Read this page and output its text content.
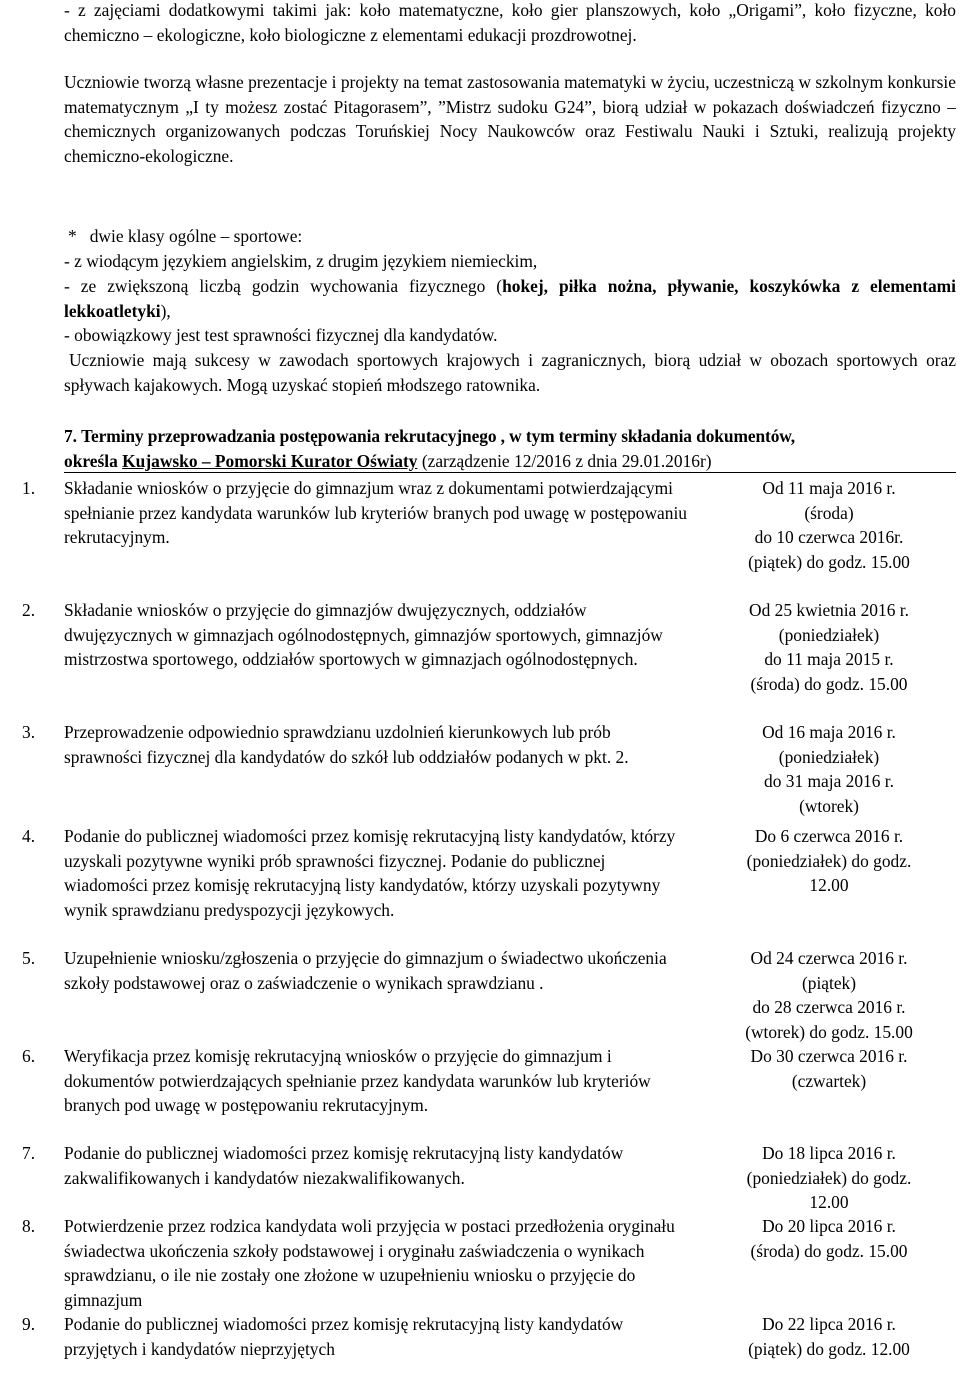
- z zajęciami dodatkowymi takimi jak: koło matematyczne, koło gier planszowych, koło „Origami”, koło fizyczne, koło chemiczno – ekologiczne, koło biologiczne z elementami edukacji prozdrowotnej.

Uczniowie tworzą własne prezentacje i projekty na temat zastosowania matematyki w życiu, uczestniczą w szkolnym konkursie matematycznym „I ty możesz zostać Pitagorasem”, ”Mistrz sudoku G24”, biorą udział w pokazach doświadczeń fizyczno – chemicznych organizowanych podczas Toruńskiej Nocy Naukowców oraz Festiwalu Nauki i Sztuki, realizują projekty chemiczno-ekologiczne.

*   dwie klasy ogólne – sportowe:

- z wiodącym językiem angielskim, z drugim językiem niemieckim,

- ze zwiększoną liczbą godzin wychowania fizycznego (hokej, piłka nożna, pływanie, koszykówka z elementami lekkoatletyki),

- obowiązkowy jest test sprawności fizycznej dla kandydatów.

Uczniowie mają sukcesy w zawodach sportowych krajowych i zagranicznych, biorą udział w obozach sportowych oraz spływach kajakowych. Mogą uzyskać stopień młodszego ratownika.

7. Terminy przeprowadzania postępowania rekrutacyjnego , w tym terminy składania dokumentów,

określa Kujawsko – Pomorski Kurator Oświaty (zarządzenie 12/2016 z dnia 29.01.2016r)

1.	Składanie wniosków o przyjęcie do gimnazjum wraz z dokumentami potwierdzającymi spełnianie przez kandydata warunków lub kryteriów branych pod uwagę w postępowaniu rekrutacyjnym.
Od 11 maja 2016 r.
(środa)
do 10 czerwca 2016r.
(piątek) do godz. 15.00
2.	Składanie wniosków o przyjęcie do gimnazjów dwujęzycznych, oddziałów dwujęzycznych w gimnazjach ogólnodostępnych, gimnazjów sportowych, gimnazjów mistrzostwa sportowego, oddziałów sportowych w gimnazjach ogólnodostępnych.
Od 25 kwietnia 2016 r.
(poniedziałek)
do 11 maja 2015 r.
(środa) do godz. 15.00
3.	Przeprowadzenie odpowiednio sprawdzianu uzdolnień kierunkowych lub prób sprawności fizycznej dla kandydatów do szkół lub oddziałów podanych w pkt. 2.
Od 16 maja 2016 r.
(poniedziałek)
do 31 maja 2016 r.
(wtorek)
4.	Podanie do publicznej wiadomości przez komisję rekrutacyjną listy kandydatów, którzy uzyskali pozytywne wyniki prób sprawności fizycznej. Podanie do publicznej wiadomości przez komisję rekrutacyjną listy kandydatów, którzy uzyskali pozytywny wynik sprawdzianu predyspozycji językowych.
Do 6 czerwca 2016 r.
(poniedziałek) do godz.
12.00
5.	Uzupełnienie wniosku/zgłoszenia o przyjęcie do gimnazjum o świadectwo ukończenia szkoły podstawowej oraz o zaświadczenie o wynikach sprawdzianu .
Od 24 czerwca 2016 r.
(piątek)
do 28 czerwca 2016 r.
(wtorek) do godz. 15.00
6.	Weryfikacja przez komisję rekrutacyjną wniosków o przyjęcie do gimnazjum i dokumentów potwierdzających spełnianie przez kandydata warunków lub kryteriów branych pod uwagę w postępowaniu rekrutacyjnym.
Do 30 czerwca 2016 r.
(czwartek)
7.	Podanie do publicznej wiadomości przez komisję rekrutacyjną listy kandydatów zakwalifikowanych i kandydatów niezakwalifikowanych.
Do 18 lipca 2016 r.
(poniedziałek) do godz.
12.00
8.	Potwierdzenie przez rodzica kandydata woli przyjęcia w postaci przedłożenia oryginału świadectwa ukończenia szkoły podstawowej i oryginału zaświadczenia o wynikach sprawdzianu, o ile nie zostały one złożone w uzupełnieniu wniosku o przyjęcie do gimnazjum
Do 20 lipca 2016 r.
(środa) do godz. 15.00
9.	Podanie do publicznej wiadomości przez komisję rekrutacyjną listy kandydatów przyjętych i kandydatów nieprzyjętych
Do 22 lipca 2016 r.
(piątek) do godz. 12.00
